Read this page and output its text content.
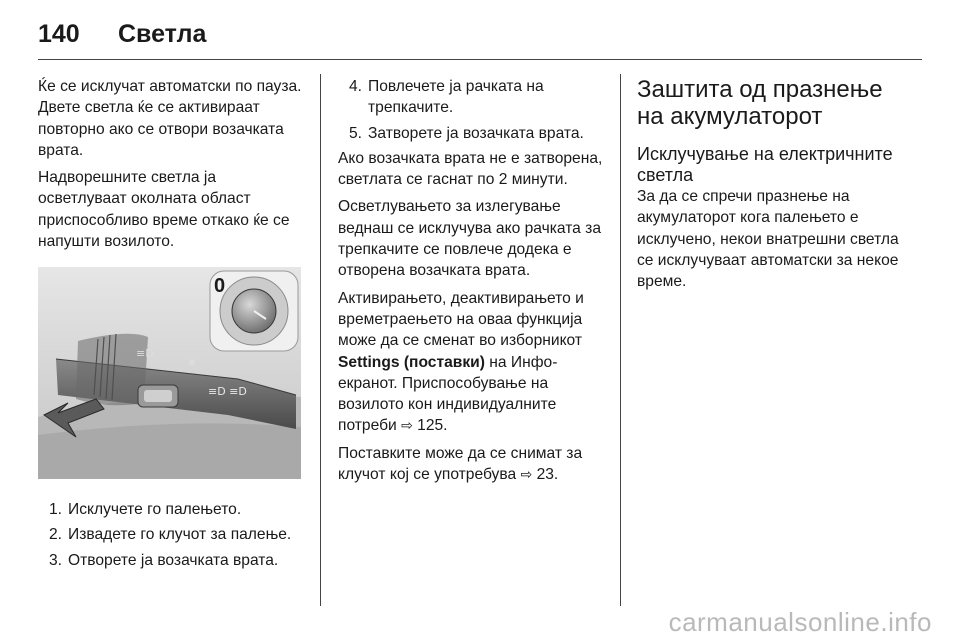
140	Светла

Ќе се исклучат автоматски по пауза. Двете светла ќе се активираат повторно ако се отвори возачката врата.

Надворешните светла ја осветлуваат околната област приспособливо време откако ќе се напушти возилото.

≡D
▪
≡D ≡D
0
1. Исклучете го палењето.
2. Извадете го клучот за палење.
3. Отворете ја возачката врата.
4. Повлечете ја рачката на трепкачите.
5. Затворете ја возачката врата.

Ако возачката врата не е затворена, светлата се гаснат по 2 минути.

Осветлувањето за излегување веднаш се исклучува ако рачката за трепкачите се повлече додека е отворена возачката врата.

Активирањето, деактивирањето и времетраењето на оваа функција може да се сменат во изборникот Settings (поставки) на Инфо-екранот. Приспособување на возилото кон индивидуалните потреби ⇨ 125.

Поставките може да се снимат за клучот кој се употребува ⇨ 23.

Заштита од празнење на акумулаторот
Исклучување на електричните светла

За да се спречи празнење на акумулаторот кога палењето е исклучено, некои внатрешни светла се исклучуваат автоматски за некое време.

carmanualsonline.info
